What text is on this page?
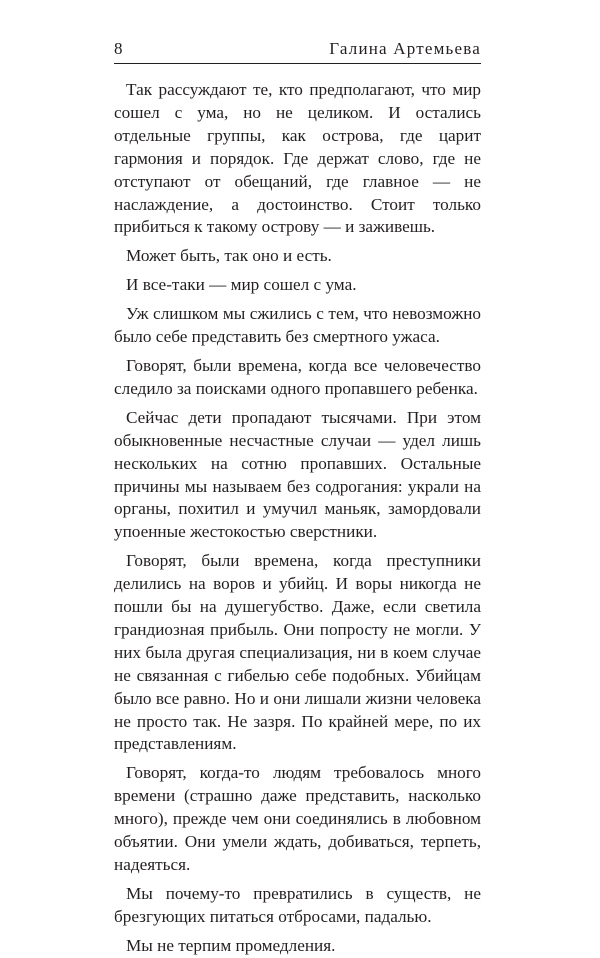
8	Галина Артемьева

Так рассуждают те, кто предполагают, что мир сошел с ума, но не целиком. И остались отдельные группы, как острова, где царит гармония и порядок. Где держат слово, где не отступают от обещаний, где главное — не наслаждение, а достоинство. Стоит только прибиться к такому острову — и заживешь.

Может быть, так оно и есть.

И все-таки — мир сошел с ума.

Уж слишком мы сжились с тем, что невозможно было себе представить без смертного ужаса.

Говорят, были времена, когда все человечество следило за поисками одного пропавшего ребенка.

Сейчас дети пропадают тысячами. При этом обыкновенные несчастные случаи — удел лишь нескольких на сотню пропавших. Остальные причины мы называем без содрогания: украли на органы, похитил и умучил маньяк, замордовали упоенные жестокостью сверстники.

Говорят, были времена, когда преступники делились на воров и убийц. И воры никогда не пошли бы на душегубство. Даже, если светила грандиозная прибыль. Они попросту не могли. У них была другая специализация, ни в коем случае не связанная с гибелью себе подобных. Убийцам было все равно. Но и они лишали жизни человека не просто так. Не зазря. По крайней мере, по их представлениям.

Говорят, когда-то людям требовалось много времени (страшно даже представить, насколько много), прежде чем они соединялись в любовном объятии. Они умели ждать, добиваться, терпеть, надеяться.

Мы почему-то превратились в существ, не брезгующих питаться отбросами, падалью.

Мы не терпим промедления.
